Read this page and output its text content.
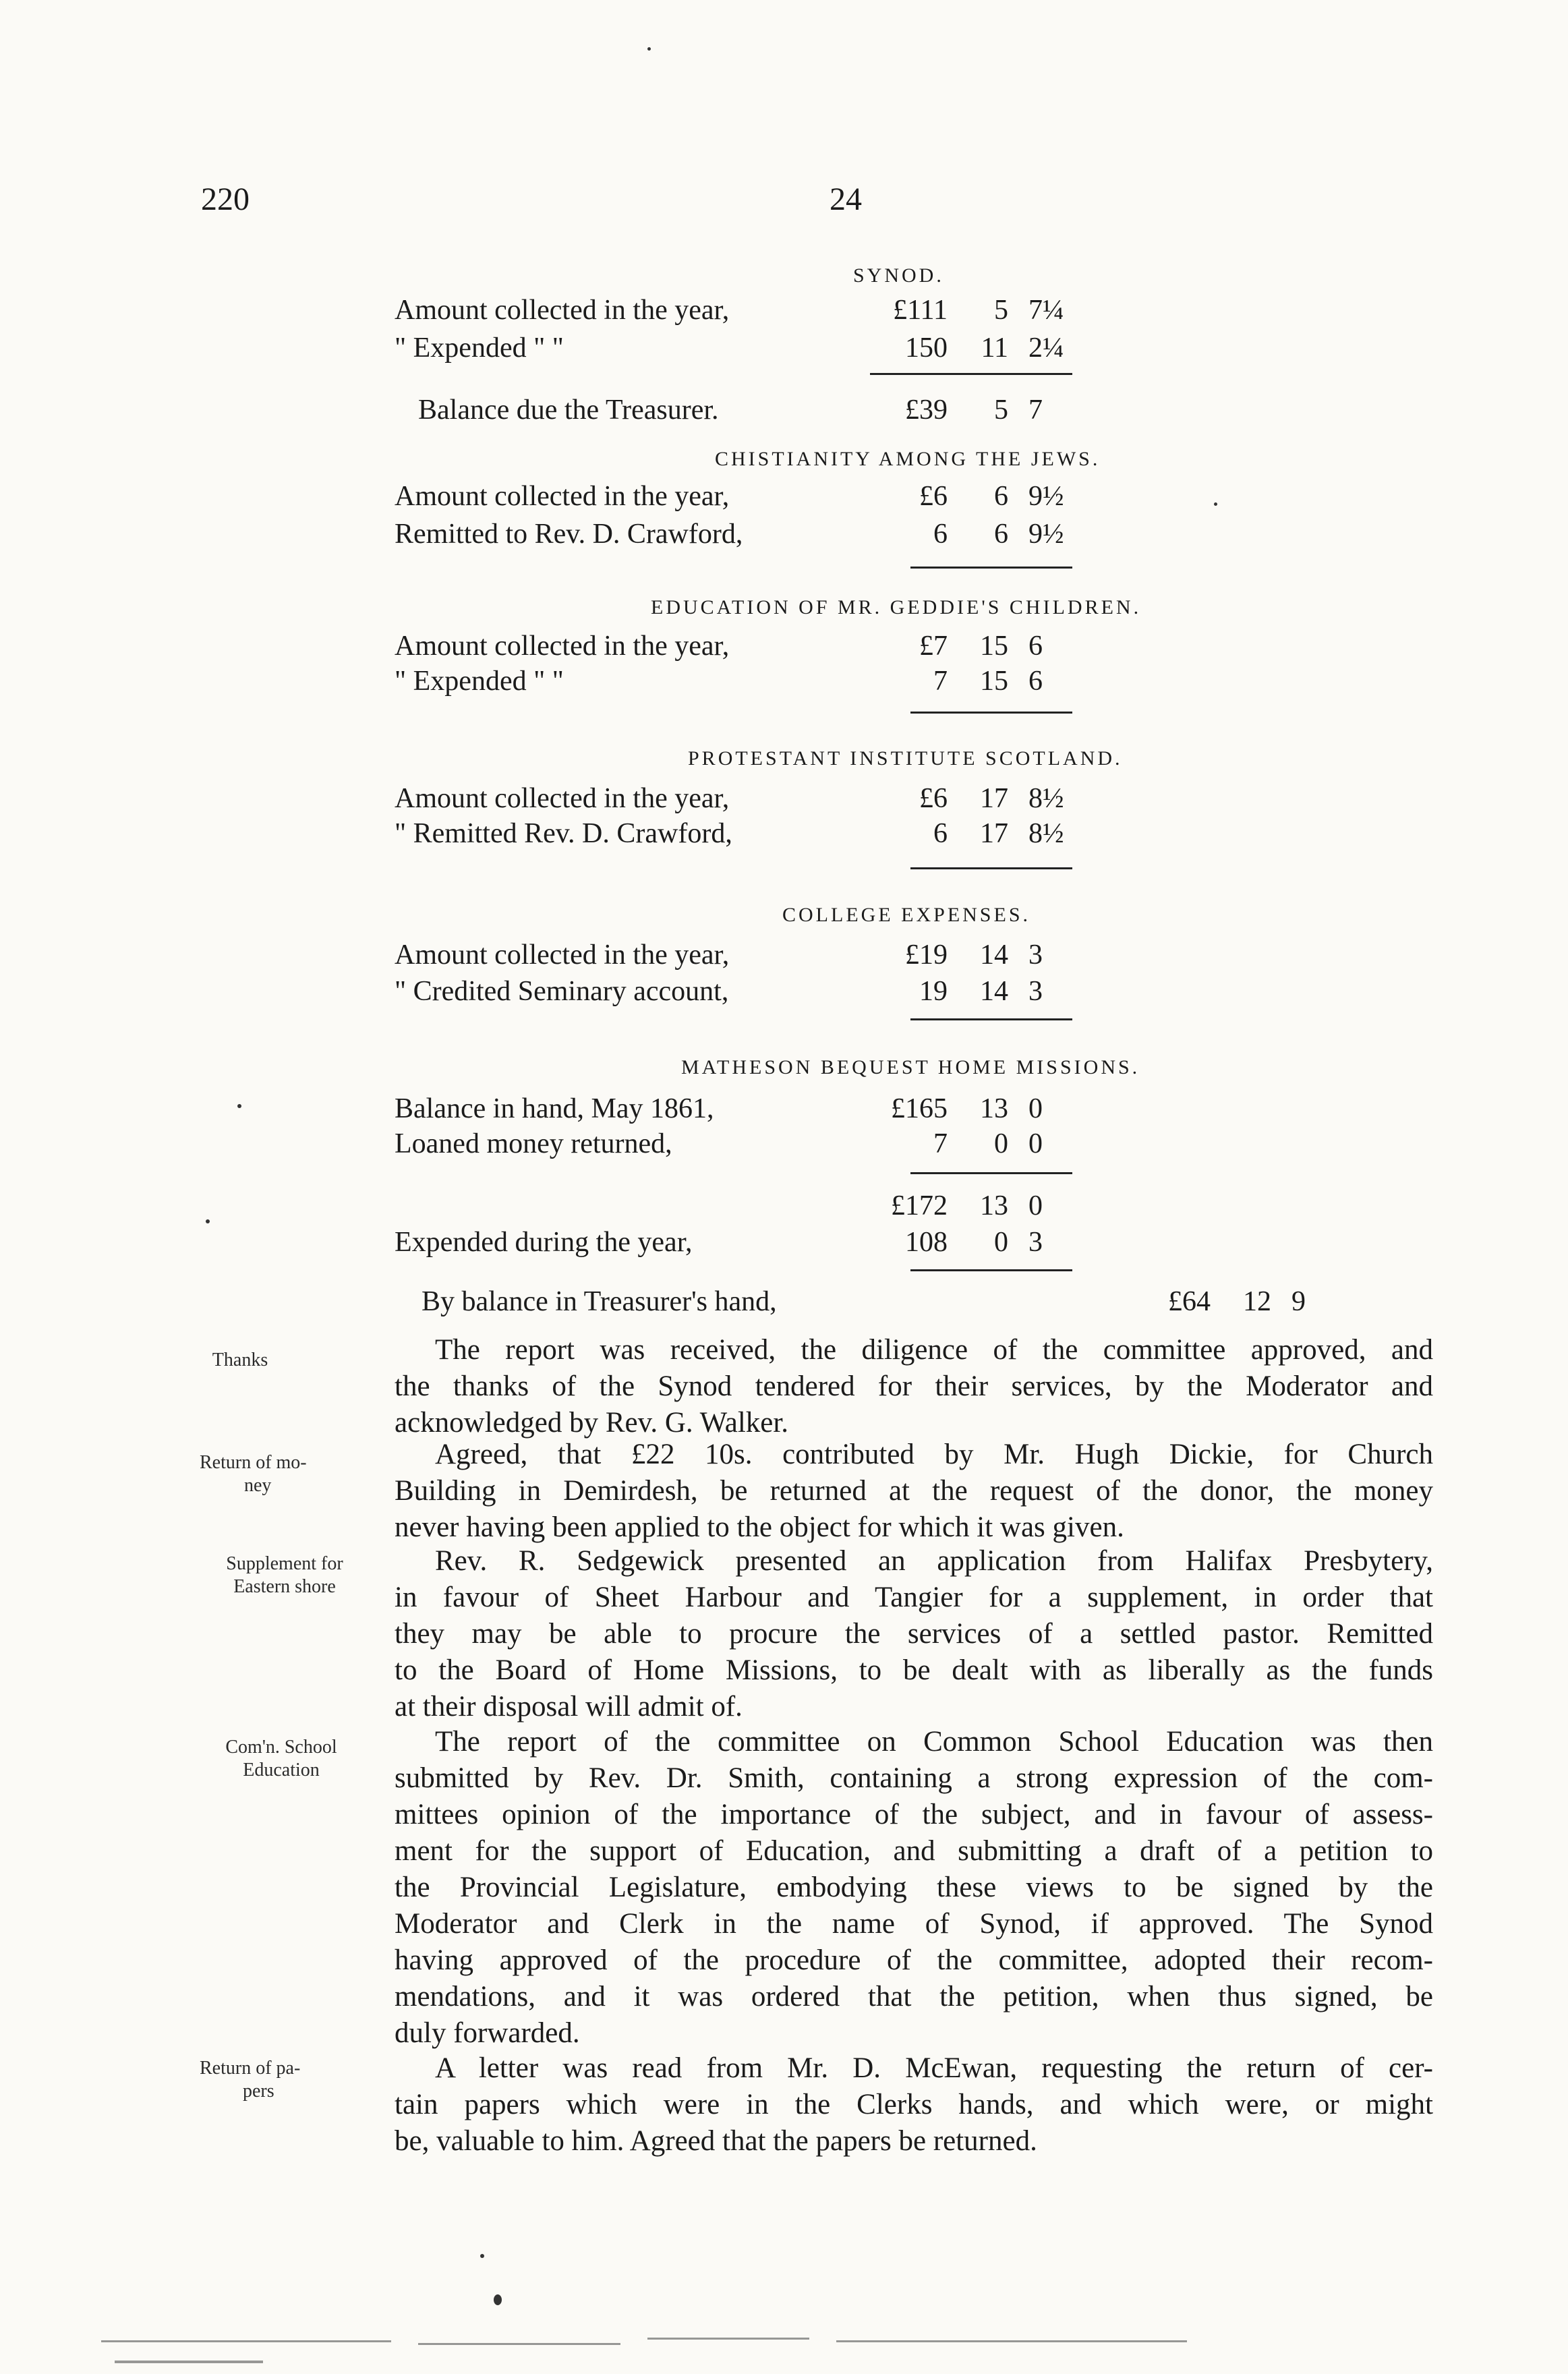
220	24
SYNOD.
Amount collected in the year,	£111	5 7¼
" Expended " "	150	11 2¼
Balance due the Treasurer.	£39	5 7
CHISTIANITY AMONG THE JEWS.
Amount collected in the year,	£6	6 9½
Remitted to Rev. D. Crawford,	6	6 9½
EDUCATION OF MR. GEDDIE'S CHILDREN.
Amount collected in the year,	£7	15 6
" Expended " "	7	15 6
PROTESTANT INSTITUTE SCOTLAND.
Amount collected in the year,	£6	17 8½
" Remitted Rev. D. Crawford,	6	17 8½
COLLEGE EXPENSES.
Amount collected in the year,	£19	14 3
" Credited Seminary account,	19	14 3
MATHESON BEQUEST HOME MISSIONS.
Balance in hand, May 1861,	£165	13 0
Loaned money returned,	7	0 0
£172	13 0
Expended during the year,	108	0 3
By balance in Treasurer's hand,	£64	12 9
Thanks
Return of mo-
ney
Supplement for
Eastern shore
Com'n. School
Education
Return of pa-
pers
The report was received, the diligence of the committee approved, and
the thanks of the Synod tendered for their services, by the Moderator and
acknowledged by Rev. G. Walker.
Agreed, that £22 10s. contributed by Mr. Hugh Dickie, for Church
Building in Demirdesh, be returned at the request of the donor, the money
never having been applied to the object for which it was given.
Rev. R. Sedgewick presented an application from Halifax Presbytery,
in favour of Sheet Harbour and Tangier for a supplement, in order that
they may be able to procure the services of a settled pastor. Remitted
to the Board of Home Missions, to be dealt with as liberally as the funds
at their disposal will admit of.
The report of the committee on Common School Education was then
submitted by Rev. Dr. Smith, containing a strong expression of the com-
mittees opinion of the importance of the subject, and in favour of assess-
ment for the support of Education, and submitting a draft of a petition to
the Provincial Legislature, embodying these views to be signed by the
Moderator and Clerk in the name of Synod, if approved. The Synod
having approved of the procedure of the committee, adopted their recom-
mendations, and it was ordered that the petition, when thus signed, be
duly forwarded.
A letter was read from Mr. D. McEwan, requesting the return of cer-
tain papers which were in the Clerks hands, and which were, or might
be, valuable to him. Agreed that the papers be returned.
